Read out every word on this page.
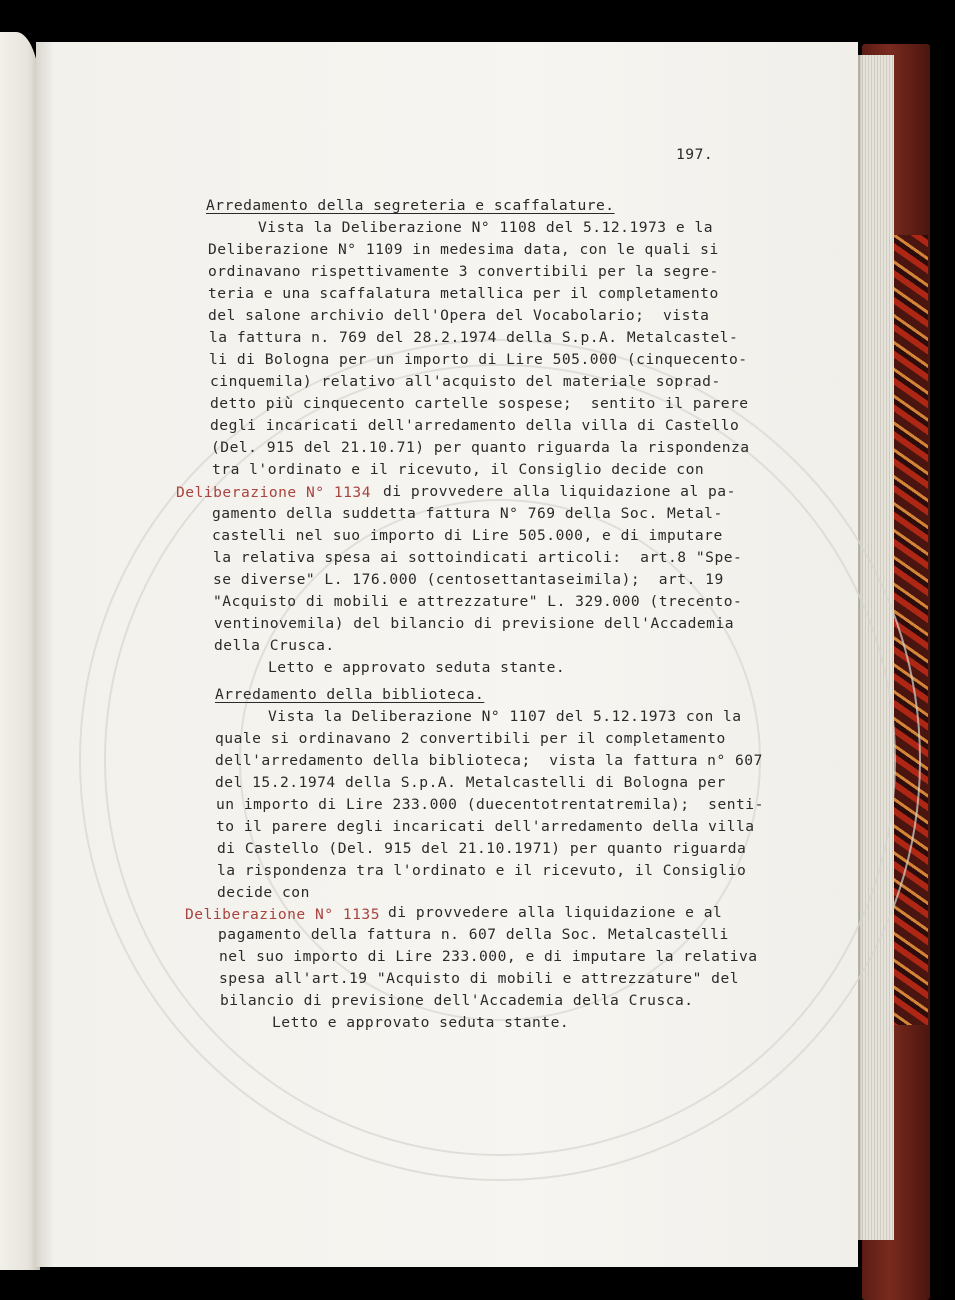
197.
Arredamento della segreteria e scaffalature.
Vista la Deliberazione N° 1108 del 5.12.1973 e la
Deliberazione N° 1109 in medesima data, con le quali si
ordinavano rispettivamente 3 convertibili per la segre-
teria e una scaffalatura metallica per il completamento
del salone archivio dell'Opera del Vocabolario;  vista
la fattura n. 769 del 28.2.1974 della S.p.A. Metalcastel-
li di Bologna per un importo di Lire 505.000 (cinquecento-
cinquemila) relativo all'acquisto del materiale soprad-
detto più cinquecento cartelle sospese;  sentito il parere
degli incaricati dell'arredamento della villa di Castello
(Del. 915 del 21.10.71) per quanto riguarda la rispondenza
tra l'ordinato e il ricevuto, il Consiglio decide con
Deliberazione N° 1134 di provvedere alla liquidazione al pa-
gamento della suddetta fattura N° 769 della Soc. Metal-
castelli nel suo importo di Lire 505.000, e di imputare
la relativa spesa ai sottoindicati articoli:  art.8 "Spe-
se diverse" L. 176.000 (centosettantaseimila);  art. 19
"Acquisto di mobili e attrezzature" L. 329.000 (trecento-
ventinovemila) del bilancio di previsione dell'Accademia
della Crusca.
Letto e approvato seduta stante.
Arredamento della biblioteca.
Vista la Deliberazione N° 1107 del 5.12.1973 con la
quale si ordinavano 2 convertibili per il completamento
dell'arredamento della biblioteca;  vista la fattura n° 607
del 15.2.1974 della S.p.A. Metalcastelli di Bologna per
un importo di Lire 233.000 (duecentotrentatremila);  senti-
to il parere degli incaricati dell'arredamento della villa
di Castello (Del. 915 del 21.10.1971) per quanto riguarda
la rispondenza tra l'ordinato e il ricevuto, il Consiglio
decide con
Deliberazione N° 1135 di provvedere alla liquidazione e al
pagamento della fattura n. 607 della Soc. Metalcastelli
nel suo importo di Lire 233.000, e di imputare la relativa
spesa all'art.19 "Acquisto di mobili e attrezzature" del
bilancio di previsione dell'Accademia della Crusca.
Letto e approvato seduta stante.
